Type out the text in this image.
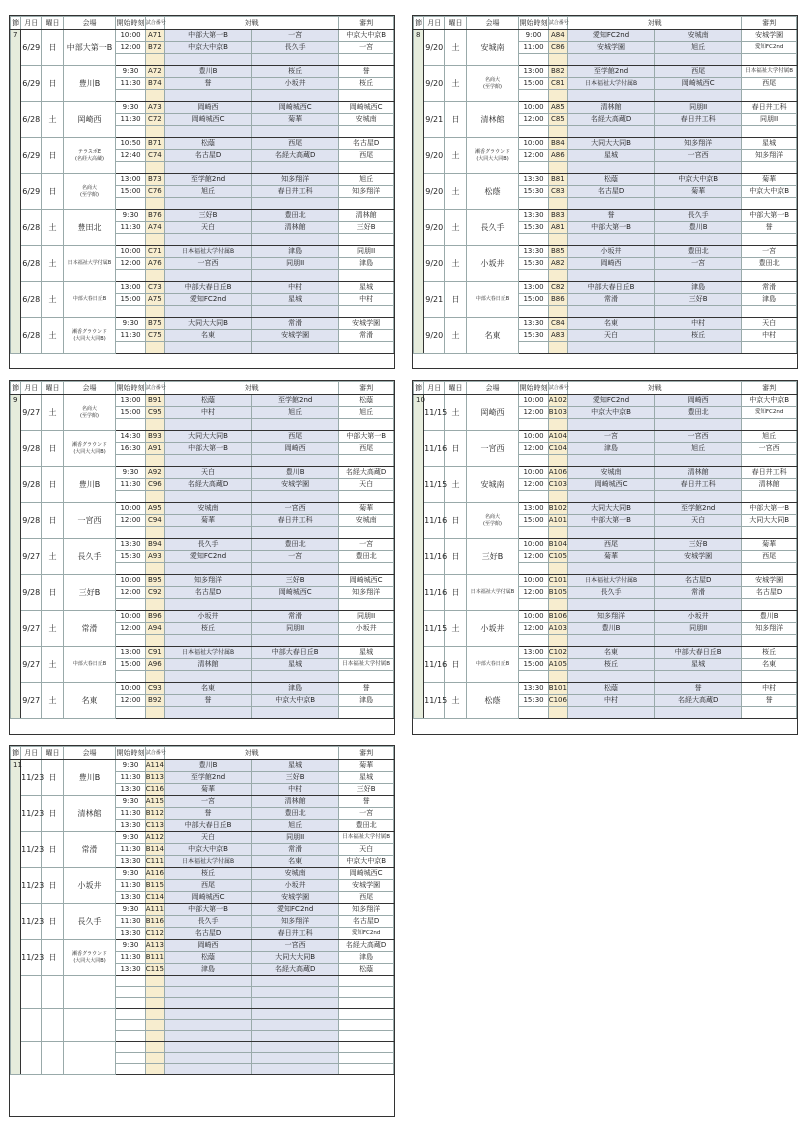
節	月日	曜日	会場	開始時刻	試合番号	対戦		審判
7	6/29	日	中部大第一B	10:00	A71	中部大第一B	一宮	中京大中京B
				12:00	B72	中京大中京B	長久手	一宮

	6/29	日	豊川B	9:30	A72	豊川B	桜丘	誉
				11:30	B74	誉	小坂井	桜丘

	6/28	土	岡崎西	9:30	A73	岡崎西	岡崎城西C	岡崎城西C
				11:30	C72	岡崎城西C	菊華	安城南

	6/29	日	テラスポE
(名経大高蔵)	10:50	B71	松蔭	西尾	名古屋D
				12:40	C74	名古屋D	名経大高蔵D	西尾

	6/29	日	名商大
(至学館)	13:00	B73	至学館2nd	知多翔洋	旭丘
				15:00	C76	旭丘	春日井工科	知多翔洋

	6/28	土	豊田北	9:30	B76	三好B	豊田北	清林館
				11:30	A74	天白	清林館	三好B

	6/28	土	日本福祉大学付属B	10:00	C71	日本福祉大学付属B	津島	同朋II
				12:00	A76	一宮西	同朋II	津島

	6/28	土	中部大春日丘B	13:00	C73	中部大春日丘B	中村	星城
				15:00	A75	愛知FC2nd	星城	中村

	6/28	土	瀬香グラウンド
(大同大大同B)	9:30	B75	大同大大同B	常滑	安城学園
				11:30	C75	名東	安城学園	常滑

節	月日	曜日	会場	開始時刻	試合番号	対戦		審判
8	9/20	土	安城南	9:00	A84	愛知FC2nd	安城南	安城学園
				11:00	C86	安城学園	旭丘	愛知FC2nd

	9/20	土	名商大
(至学館)	13:00	B82	至学館2nd	西尾	日本福祉大学付属B
				15:00	C81	日本福祉大学付属B	岡崎城西C	西尾

	9/21	日	清林館	10:00	A85	清林館	同朋II	春日井工科
				12:00	C85	名経大高蔵D	春日井工科	同朋II

	9/20	土	瀬香グラウンド
(大同大大同B)	10:00	B84	大同大大同B	知多翔洋	星城
				12:00	A86	星城	一宮西	知多翔洋

	9/20	土	松蔭	13:30	B81	松蔭	中京大中京B	菊華
				15:30	C83	名古屋D	菊華	中京大中京B

	9/20	土	長久手	13:30	B83	誉	長久手	中部大第一B
				15:30	A81	中部大第一B	豊川B	誉

	9/20	土	小坂井	13:30	B85	小坂井	豊田北	一宮
				15:30	A82	岡崎西	一宮	豊田北

	9/21	日	中部大春日丘B	13:00	C82	中部大春日丘B	津島	常滑
				15:00	B86	常滑	三好B	津島

	9/20	土	名東	13:30	C84	名東	中村	天白
				15:30	A83	天白	桜丘	中村

節	月日	曜日	会場	開始時刻	試合番号	対戦		審判
9	9/27	土	名商大
(至学館)	13:00	B91	松蔭	至学館2nd	松蔭
				15:00	C95	中村	旭丘	旭丘

	9/28	日	瀬香グラウンド
(大同大大同B)	14:30	B93	大同大大同B	西尾	中部大第一B
				16:30	A91	中部大第一B	岡崎西	西尾

	9/28	日	豊川B	9:30	A92	天白	豊川B	名経大高蔵D
				11:30	C96	名経大高蔵D	安城学園	天白

	9/28	日	一宮西	10:00	A95	安城南	一宮西	菊華
				12:00	C94	菊華	春日井工科	安城南

	9/27	土	長久手	13:30	B94	長久手	豊田北	一宮
				15:30	A93	愛知FC2nd	一宮	豊田北

	9/28	日	三好B	10:00	B95	知多翔洋	三好B	岡崎城西C
				12:00	C92	名古屋D	岡崎城西C	知多翔洋

	9/27	土	常滑	10:00	B96	小坂井	常滑	同朋II
				12:00	A94	桜丘	同朋II	小坂井

	9/27	土	中部大春日丘B	13:00	C91	日本福祉大学付属B	中部大春日丘B	星城
				15:00	A96	清林館	星城	日本福祉大学付属B

	9/27	土	名東	10:00	C93	名東	津島	誉
				12:00	B92	誉	中京大中京B	津島

節	月日	曜日	会場	開始時刻	試合番号	対戦		審判
10	11/15	土	岡崎西	10:00	A102	愛知FC2nd	岡崎西	中京大中京B
				12:00	B103	中京大中京B	豊田北	愛知FC2nd

	11/16	日	一宮西	10:00	A104	一宮	一宮西	旭丘
				12:00	C104	津島	旭丘	一宮西

	11/15	土	安城南	10:00	A106	安城南	清林館	春日井工科
				12:00	C103	岡崎城西C	春日井工科	清林館

	11/16	日	名商大
(至学館)	13:00	B102	大同大大同B	至学館2nd	中部大第一B
				15:00	A101	中部大第一B	天白	大同大大同B

	11/16	日	三好B	10:00	B104	西尾	三好B	菊華
				12:00	C105	菊華	安城学園	西尾

	11/16	日	日本福祉大学付属B	10:00	C101	日本福祉大学付属B	名古屋D	安城学園
				12:00	B105	長久手	常滑	名古屋D

	11/15	土	小坂井	10:00	B106	知多翔洋	小坂井	豊川B
				12:00	A103	豊川B	同朋II	知多翔洋

	11/16	日	中部大春日丘B	13:00	C102	名東	中部大春日丘B	桜丘
				15:00	A105	桜丘	星城	名東

	11/15	土	松蔭	13:30	B101	松蔭	誉	中村
				15:30	C106	中村	名経大高蔵D	誉

節	月日	曜日	会場	開始時刻	試合番号	対戦		審判
11	11/23	日	豊川B	9:30	A114	豊川B	星城	菊華
				11:30	B113	至学館2nd	三好B	星城
				13:30	C116	菊華	中村	三好B
	11/23	日	清林館	9:30	A115	一宮	清林館	誉
				11:30	B112	誉	豊田北	一宮
				13:30	C113	中部大春日丘B	旭丘	豊田北
	11/23	日	常滑	9:30	A112	天白	同朋II	日本福祉大学付属B
				11:30	B114	中京大中京B	常滑	天白
				13:30	C111	日本福祉大学付属B	名東	中京大中京B
	11/23	日	小坂井	9:30	A116	桜丘	安城南	岡崎城西C
				11:30	B115	西尾	小坂井	安城学園
				13:30	C114	岡崎城西C	安城学園	西尾
	11/23	日	長久手	9:30	A111	中部大第一B	愛知FC2nd	知多翔洋
				11:30	B116	長久手	知多翔洋	名古屋D
				13:30	C112	名古屋D	春日井工科	愛知FC2nd
	11/23	日	瀬香グラウンド
(大同大大同B)	9:30	A113	岡崎西	一宮西	名経大高蔵D
				11:30	B111	松蔭	大同大大同B	津島
				13:30	C115	津島	名経大高蔵D	松蔭
